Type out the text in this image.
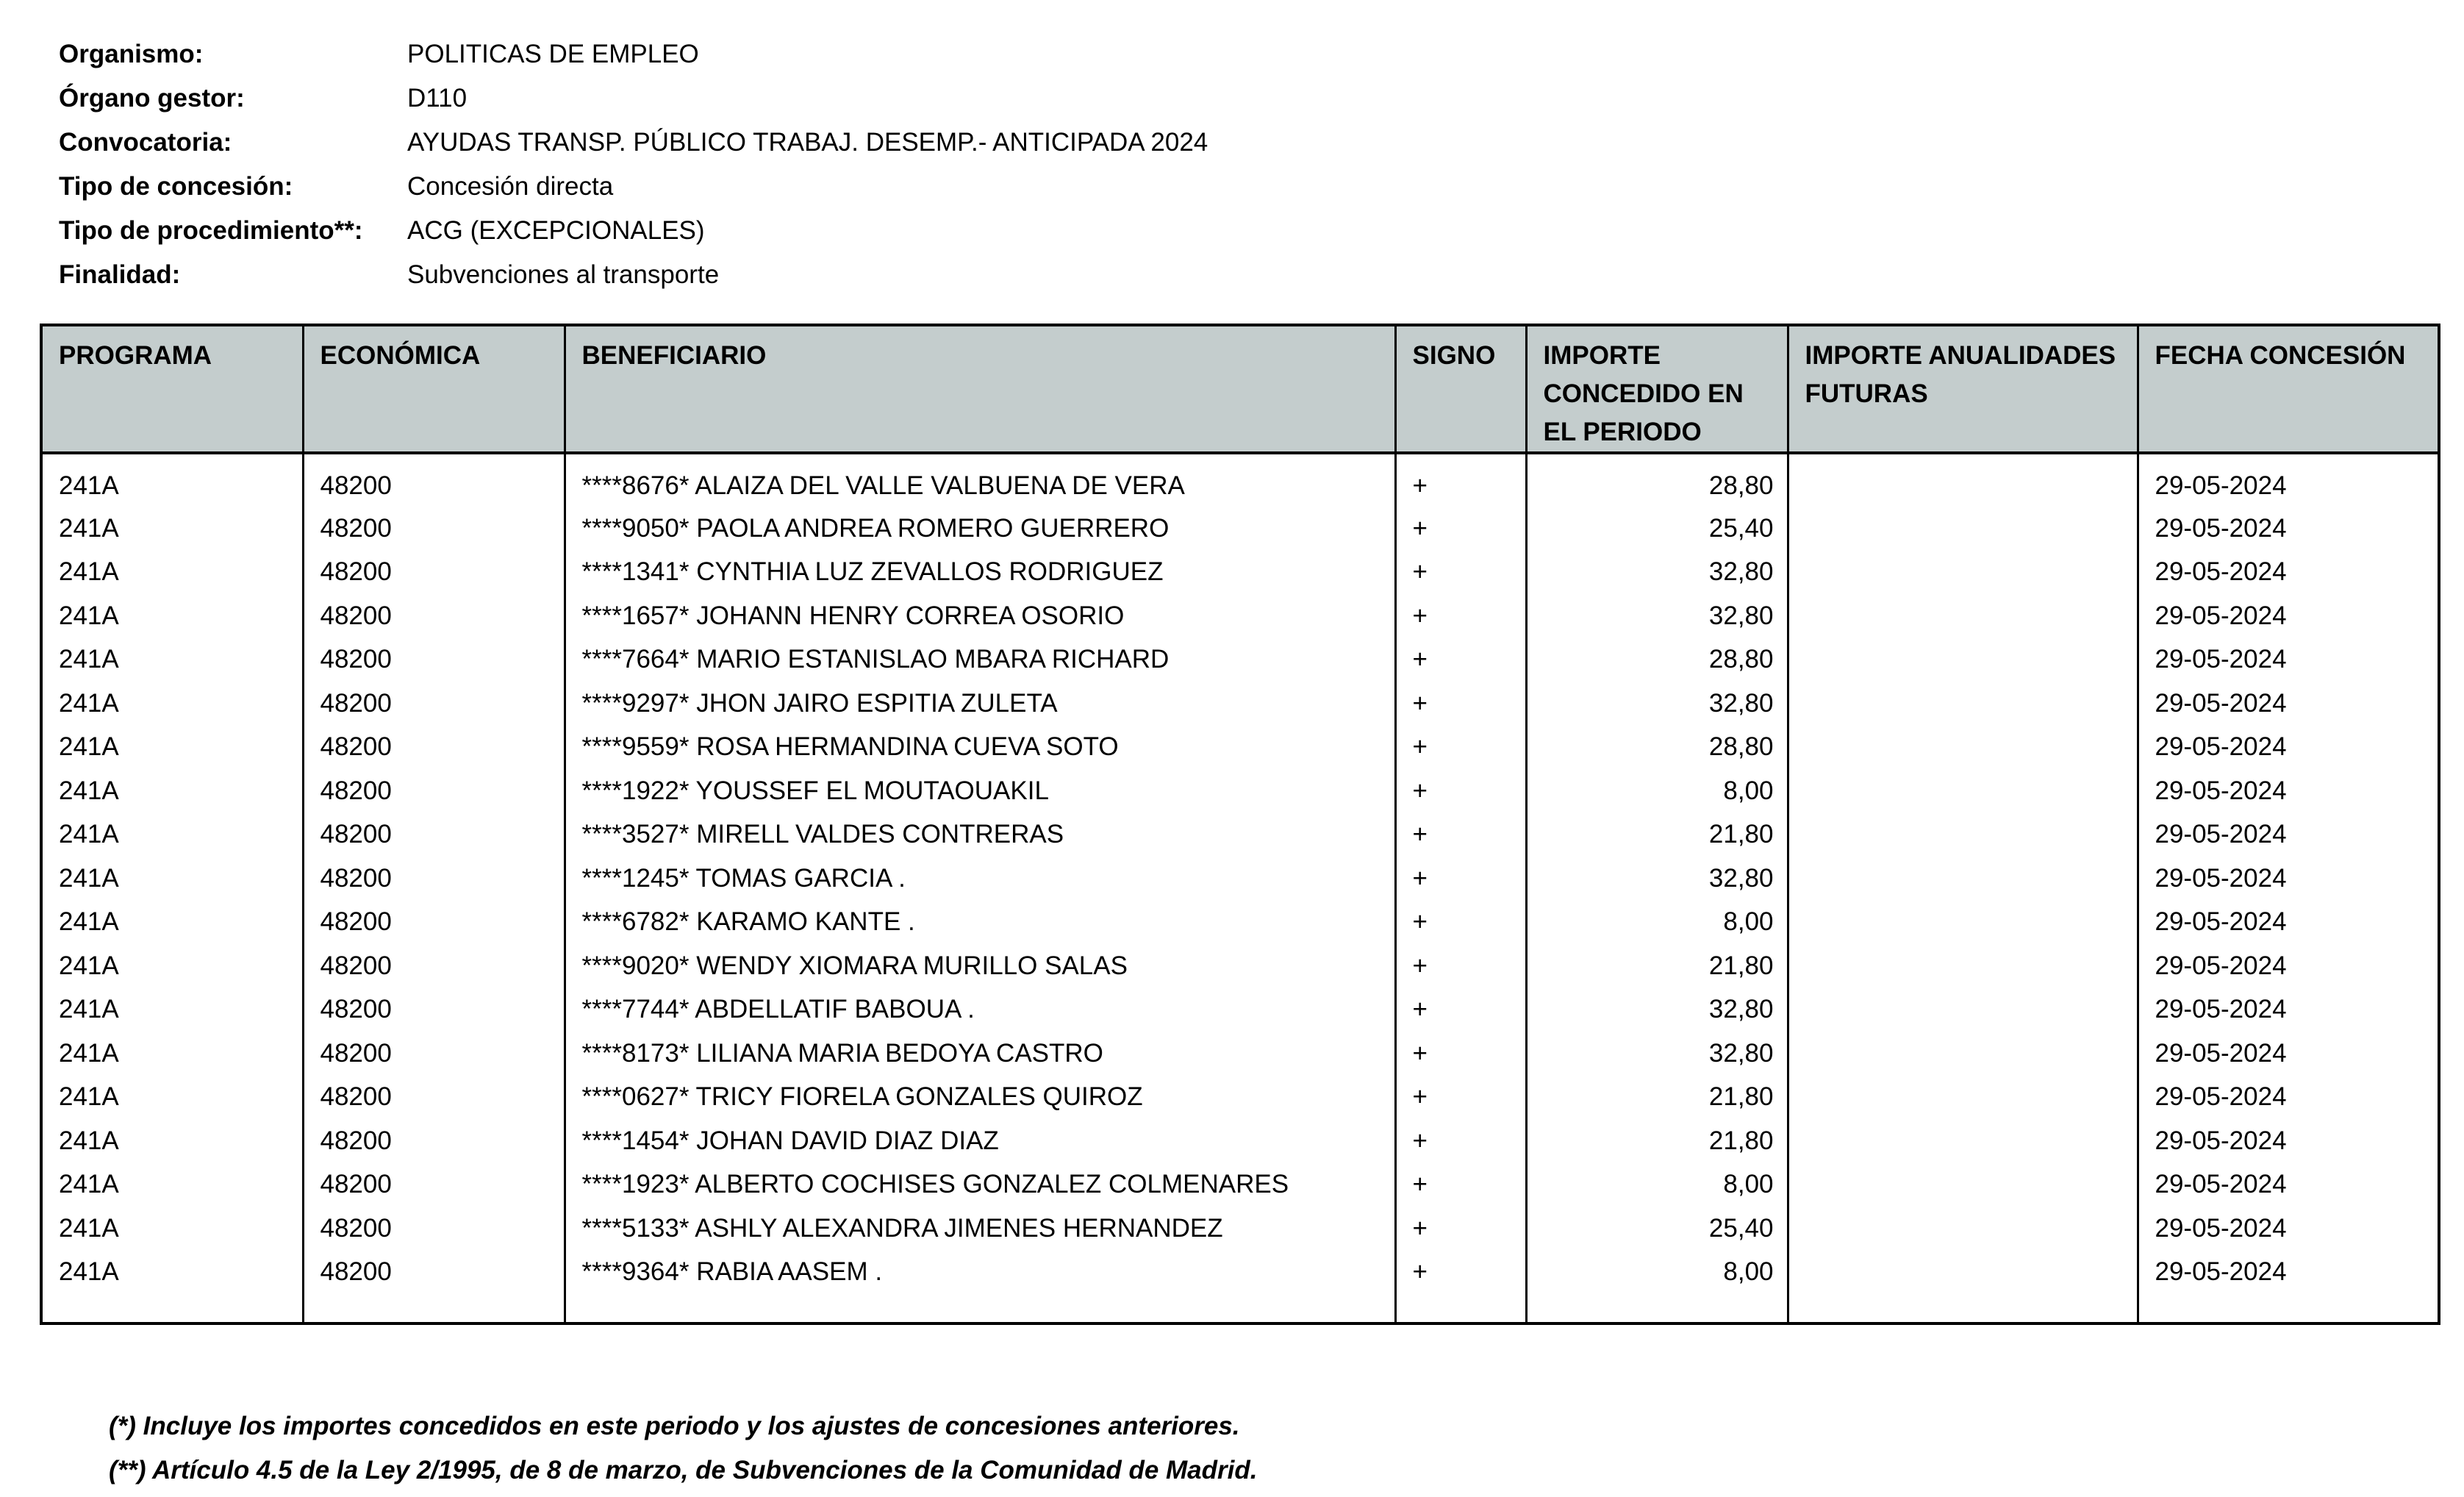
Organismo:	POLITICAS DE EMPLEO
Órgano gestor:	D110
Convocatoria:	AYUDAS TRANSP. PÚBLICO TRABAJ. DESEMP.- ANTICIPADA 2024
Tipo de concesión:	Concesión directa
Tipo de procedimiento**:	ACG (EXCEPCIONALES)
Finalidad:	Subvenciones al transporte
PROGRAMA	ECONÓMICA	BENEFICIARIO	SIGNO	IMPORTE CONCEDIDO EN EL PERIODO	IMPORTE ANUALIDADES FUTURAS	FECHA CONCESIÓN
241A	48200	****8676* ALAIZA DEL VALLE VALBUENA DE VERA	+	28,80		29-05-2024
241A	48200	****9050* PAOLA ANDREA ROMERO GUERRERO	+	25,40		29-05-2024
241A	48200	****1341* CYNTHIA LUZ ZEVALLOS RODRIGUEZ	+	32,80		29-05-2024
241A	48200	****1657* JOHANN HENRY CORREA OSORIO	+	32,80		29-05-2024
241A	48200	****7664* MARIO ESTANISLAO MBARA RICHARD	+	28,80		29-05-2024
241A	48200	****9297* JHON JAIRO ESPITIA ZULETA	+	32,80		29-05-2024
241A	48200	****9559* ROSA HERMANDINA CUEVA SOTO	+	28,80		29-05-2024
241A	48200	****1922* YOUSSEF EL MOUTAOUAKIL	+	8,00		29-05-2024
241A	48200	****3527* MIRELL VALDES CONTRERAS	+	21,80		29-05-2024
241A	48200	****1245* TOMAS GARCIA .	+	32,80		29-05-2024
241A	48200	****6782* KARAMO KANTE .	+	8,00		29-05-2024
241A	48200	****9020* WENDY XIOMARA MURILLO SALAS	+	21,80		29-05-2024
241A	48200	****7744* ABDELLATIF BABOUA .	+	32,80		29-05-2024
241A	48200	****8173* LILIANA MARIA BEDOYA CASTRO	+	32,80		29-05-2024
241A	48200	****0627* TRICY FIORELA GONZALES QUIROZ	+	21,80		29-05-2024
241A	48200	****1454* JOHAN DAVID DIAZ DIAZ	+	21,80		29-05-2024
241A	48200	****1923* ALBERTO COCHISES GONZALEZ COLMENARES	+	8,00		29-05-2024
241A	48200	****5133* ASHLY ALEXANDRA JIMENES HERNANDEZ	+	25,40		29-05-2024
241A	48200	****9364* RABIA AASEM .	+	8,00		29-05-2024

(*) Incluye los importes concedidos en este periodo y los ajustes de concesiones anteriores.
(**) Artículo 4.5 de la Ley 2/1995, de 8 de marzo, de Subvenciones de la Comunidad de Madrid.
